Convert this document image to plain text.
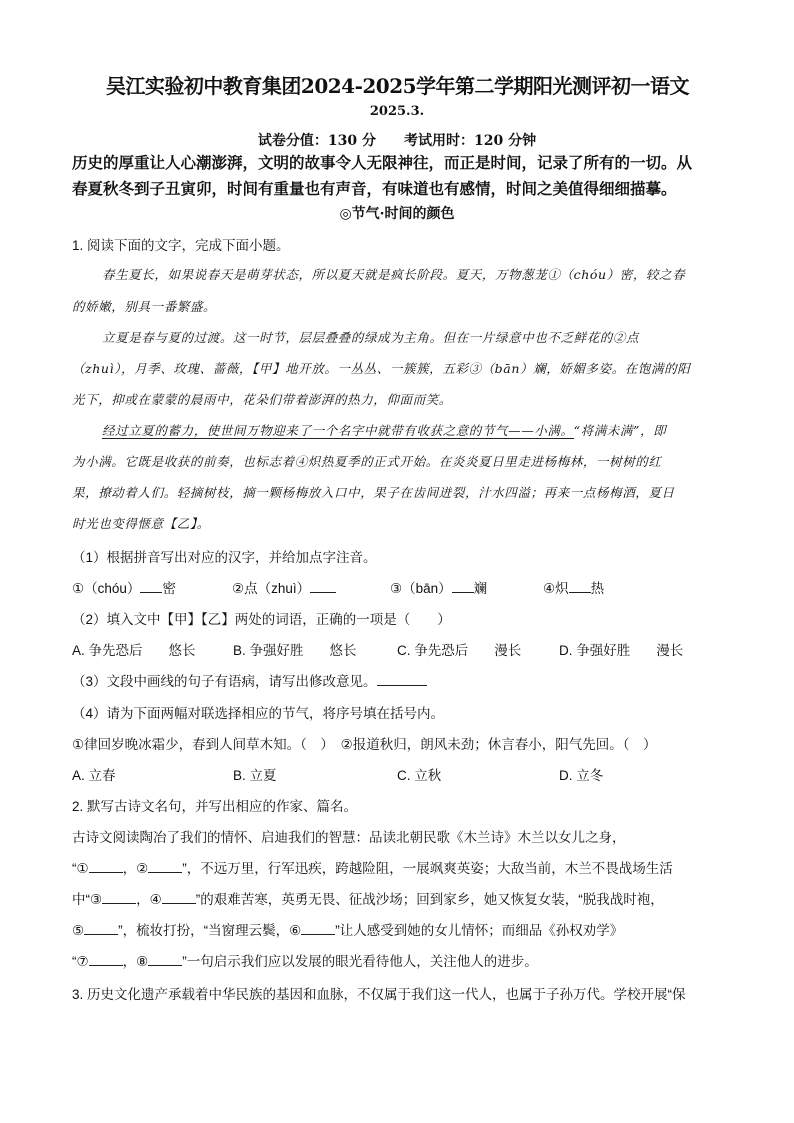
吴江实验初中教育集团2024-2025学年第二学期阳光测评初一语文
2025.3.
试卷分值：130 分　　考试用时：120 分钟
历史的厚重让人心潮澎湃，文明的故事令人无限神往，而正是时间，记录了所有的一切。从
春夏秋冬到子丑寅卯，时间有重量也有声音，有味道也有感情，时间之美值得细细描摹。
◎节气·时间的颜色
1. 阅读下面的文字，完成下面小题。
春生夏长，如果说春天是萌芽状态，所以夏天就是疯长阶段。夏天，万物葱茏①（chóu）密，较之春
的娇嫩，别具一番繁盛。
立夏是春与夏的过渡。这一时节，层层叠叠的绿成为主角。但在一片绿意中也不乏鲜花的②点
（zhuì），月季、玫瑰、蔷薇，【甲】地开放。一丛丛、一簇簇，五彩③（bān）斓，娇媚多姿。在饱满的阳
光下，抑或在蒙蒙的晨雨中，花朵们带着澎湃的热力，仰面而笑。
经过立夏的蓄力，使世间万物迎来了一个名字中就带有收获之意的节气——小满。“将满未满”，即
为小满。它既是收获的前奏，也标志着④炽热夏季的正式开始。在炎炎夏日里走进杨梅林，一树树的红
果，撩动着人们。轻摘树枝，摘一颗杨梅放入口中，果子在齿间迸裂，汁水四溢；再来一点杨梅酒，夏日
时光也变得惬意【乙】。
（1）根据拼音写出对应的汉字，并给加点字注音。
①（chóu） 密	②点（zhuì）	③（bān） 斓	④炽 热
（2）填入文中【甲】【乙】两处的词语，正确的一项是（　　）
A. 争先恐后 悠长	B. 争强好胜 悠长	C. 争先恐后 漫长	D. 争强好胜 漫长
（3）文段中画线的句子有语病，请写出修改意见。
（4）请为下面两幅对联选择相应的节气，将序号填在括号内。
①律回岁晚冰霜少，春到人间草木知。（　）　②报道秋归，朗风未劲；休言春小，阳气先回。（　）
A. 立春	B. 立夏	C. 立秋	D. 立冬
2. 默写古诗文名句，并写出相应的作家、篇名。
古诗文阅读陶冶了我们的情怀、启迪我们的智慧：品读北朝民歌《木兰诗》木兰以女儿之身，
“①	，②	”，不远万里，行军迅疾，跨越险阻，一展飒爽英姿；大敌当前，木兰不畏战场生活
中“③	，④	”的艰难苦寒，英勇无畏、征战沙场；回到家乡，她又恢复女装，“脱我战时袍，
⑤	”，梳妆打扮，“当窗理云鬓，⑥	”让人感受到她的女儿情怀；而细品《孙权劝学》
“⑦	，⑧	”一句启示我们应以发展的眼光看待他人，关注他人的进步。
3. 历史文化遗产承载着中华民族的基因和血脉，不仅属于我们这一代人，也属于子孙万代。学校开展“保
